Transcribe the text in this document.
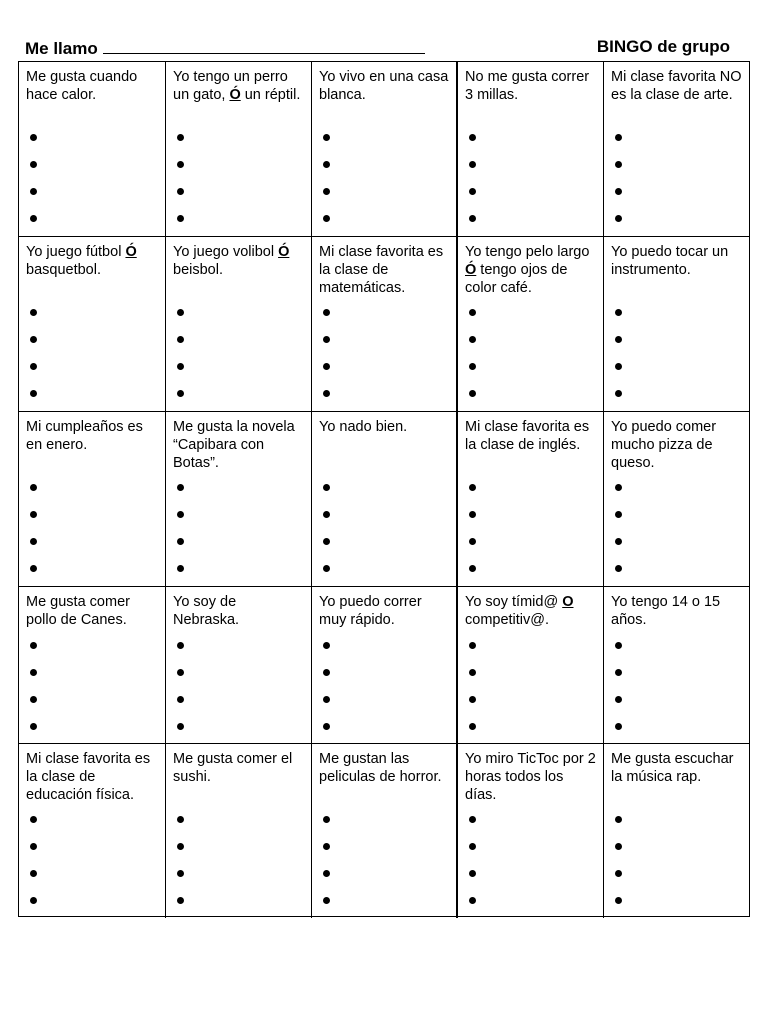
Me llamo	BINGO de grupo

Me gusta cuando hace calor.

Yo tengo un perro un gato, Ó un réptil.

Yo vivo en una casa blanca.

No me gusta correr 3 millas.

Mi clase favorita NO es la clase de arte.

Yo juego fútbol Ó basquetbol.

Yo juego volibol Ó beisbol.

Mi clase favorita es la clase de matemáticas.

Yo tengo pelo largo Ó tengo ojos de color café.

Yo puedo tocar un instrumento.

Mi cumpleaños es en enero.

Me gusta la novela “Capibara con Botas”.

Yo nado bien.	Mi clase favorita es la clase de inglés.

Yo puedo comer mucho pizza de queso.

Me gusta comer pollo de Canes.

Yo soy de Nebraska.

Yo puedo correr muy rápido.

Yo soy tímid@ O competitiv@.

Yo tengo 14 o 15 años.

Mi clase favorita es la clase de educación física.

Me gusta comer el sushi.

Me gustan las peliculas de horror.

Yo miro TicToc por 2 horas todos los días.

Me gusta escuchar la música rap.
